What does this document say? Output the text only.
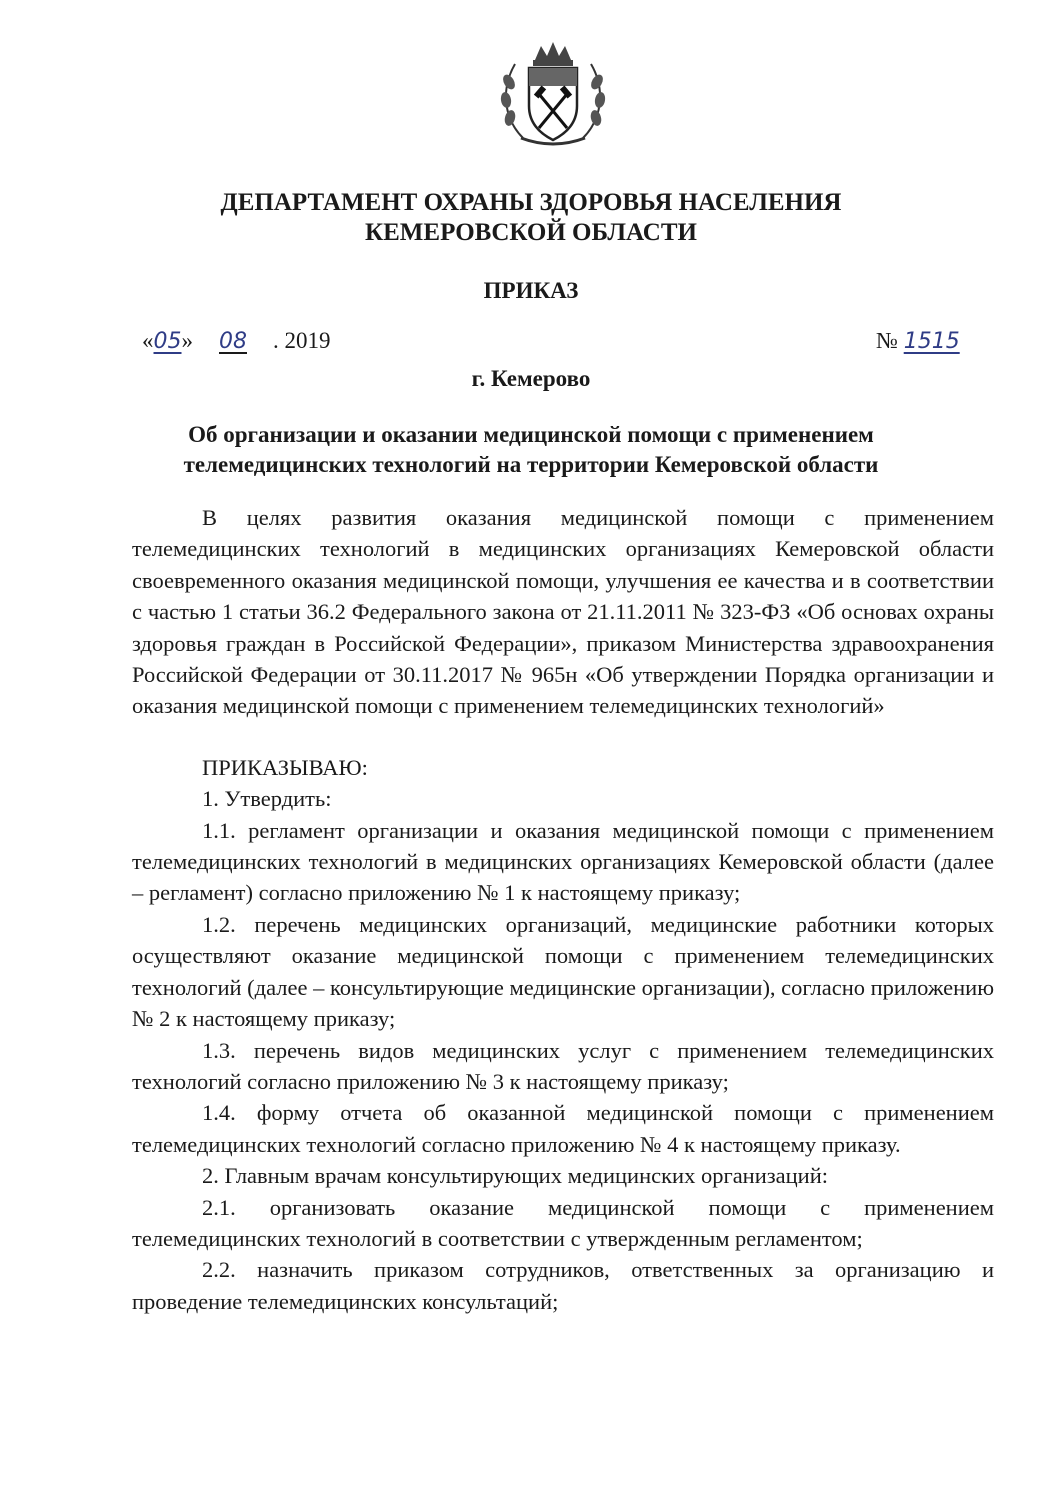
ДЕПАРТАМЕНТ ОХРАНЫ ЗДОРОВЬЯ НАСЕЛЕНИЯ
КЕМЕРОВСКОЙ ОБЛАСТИ
ПРИКАЗ
«05» 08 . 2019	№ 1515
г. Кемерово
Об организации и оказании медицинской помощи с применением
телемедицинских технологий на территории Кемеровской области

В целях развития оказания медицинской помощи с применением телемедицинских технологий в медицинских организациях Кемеровской области своевременного оказания медицинской помощи, улучшения ее качества и в соответствии с частью 1 статьи 36.2 Федерального закона от 21.11.2011 № 323-ФЗ «Об основах охраны здоровья граждан в Российской Федерации», приказом Министерства здравоохранения Российской Федерации от 30.11.2017 № 965н «Об утверждении Порядка организации и оказания медицинской помощи с применением телемедицинских технологий»

ПРИКАЗЫВАЮ:

1. Утвердить:

1.1. регламент организации и оказания медицинской помощи с применением телемедицинских технологий в медицинских организациях Кемеровской области (далее – регламент) согласно приложению № 1 к настоящему приказу;

1.2. перечень медицинских организаций, медицинские работники которых осуществляют оказание медицинской помощи с применением телемедицинских технологий (далее – консультирующие медицинские организации), согласно приложению № 2 к настоящему приказу;

1.3. перечень видов медицинских услуг с применением телемедицинских технологий согласно приложению № 3 к настоящему приказу;

1.4. форму отчета об оказанной медицинской помощи с применением телемедицинских технологий согласно приложению № 4 к настоящему приказу.

2. Главным врачам консультирующих медицинских организаций:

2.1. организовать оказание медицинской помощи с применением телемедицинских технологий в соответствии с утвержденным регламентом;

2.2. назначить приказом сотрудников, ответственных за организацию и проведение телемедицинских консультаций;
